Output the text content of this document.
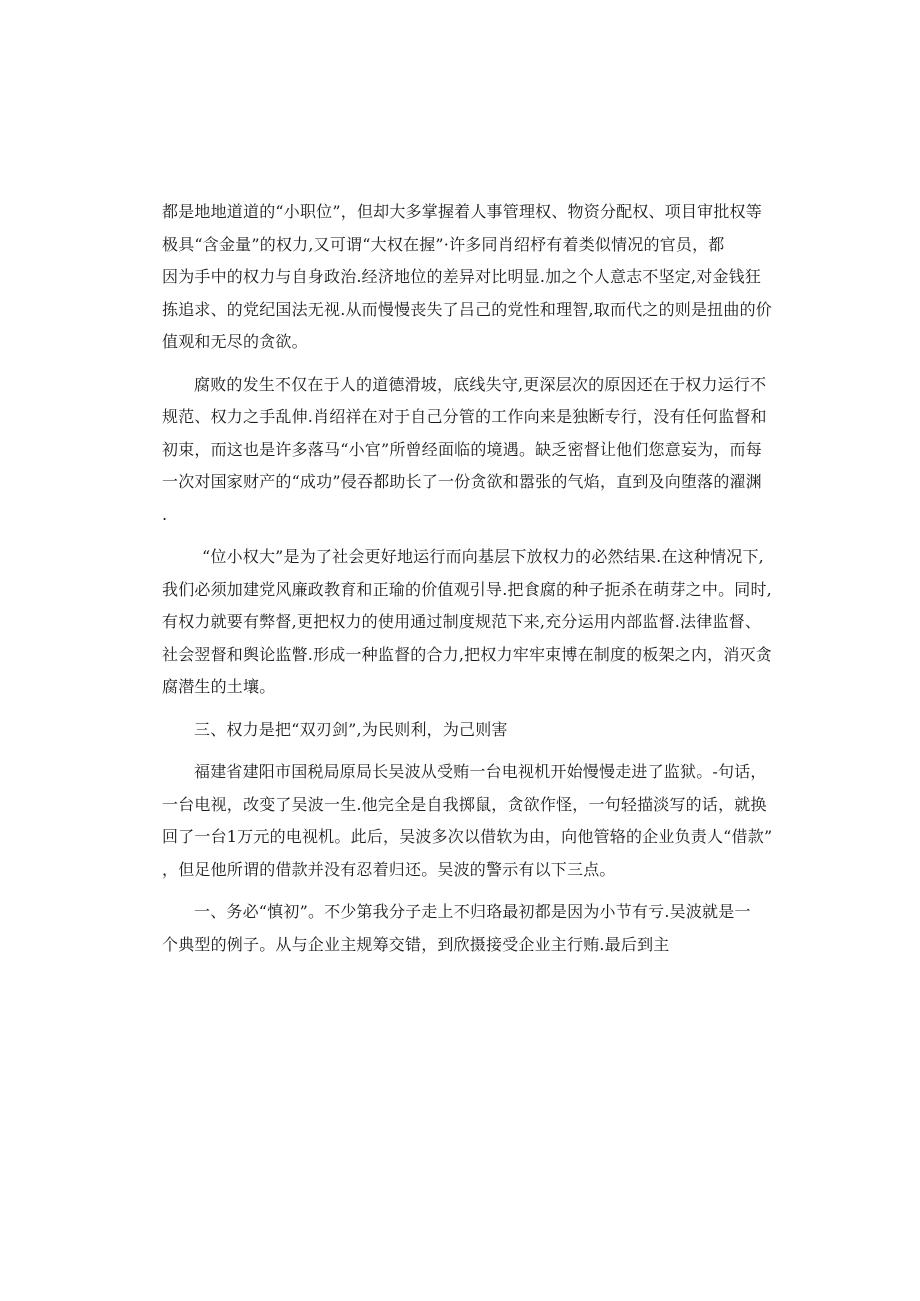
都是地地道道的“小职位”，但却大多掌握着人事管理权、物资分配权、项目审批权等
极具“含金量”的权力,又可谓“大权在握”·许多同肖绍杼有着类似情况的官员，都
因为手中的权力与自身政治.经济地位的差异对比明显.加之个人意志不坚定,对金钱狂
拣追求、的党纪国法无视.从而慢慢丧失了吕己的党性和理智,取而代之的则是扭曲的价
值观和无尽的贪欲。

腐败的发生不仅在于人的道德滑坡，底线失守,更深层次的原因还在于权力运行不
规范、权力之手乱伸.肖绍祥在对于自己分管的工作向来是独断专行，没有任何监督和
初束，而这也是许多落马“小官”所曾经面临的境遇。缺乏密督让他们您意妄为，而每
一次对国家财产的“成功”侵吞都助长了一份贪欲和嚣张的气焰，直到及向堕落的濯渊
.

“位小权大”是为了社会更好地运行而向基层下放权力的必然结果.在这种情况下,
我们必须加建党风廉政教育和正瑜的价值观引导.把食腐的种子扼杀在萌芽之中。同时,
有权力就要有弊督,更把权力的使用通过制度规范下来,充分运用内部监督.法律监督、
社会翌督和舆论监瞥.形成一种监督的合力,把权力牢牢束博在制度的板架之内，消灭贪
腐潜生的土壤。

三、权力是把“双刃剑”,为民则利，为己则害

福建省建阳市国税局原局长吴波从受贿一台电视机开始慢慢走进了监狱。-句话，
一台电视，改变了吴波一生.他完全是自我掷鼠，贪欲作怪，一句轻描淡写的话，就换
回了一台1万元的电视机。此后，吴波多次以借软为由，向他管辂的企业负责人“借款”
，但足他所谓的借款并没有忍着归还。吴波的警示有以下三点。

一、务必“慎初”。不少第我分子走上不归珞最初都是因为小节有亏.吴波就是一
个典型的例子。从与企业主规筹交错，到欣摄接受企业主行贿.最后到主
